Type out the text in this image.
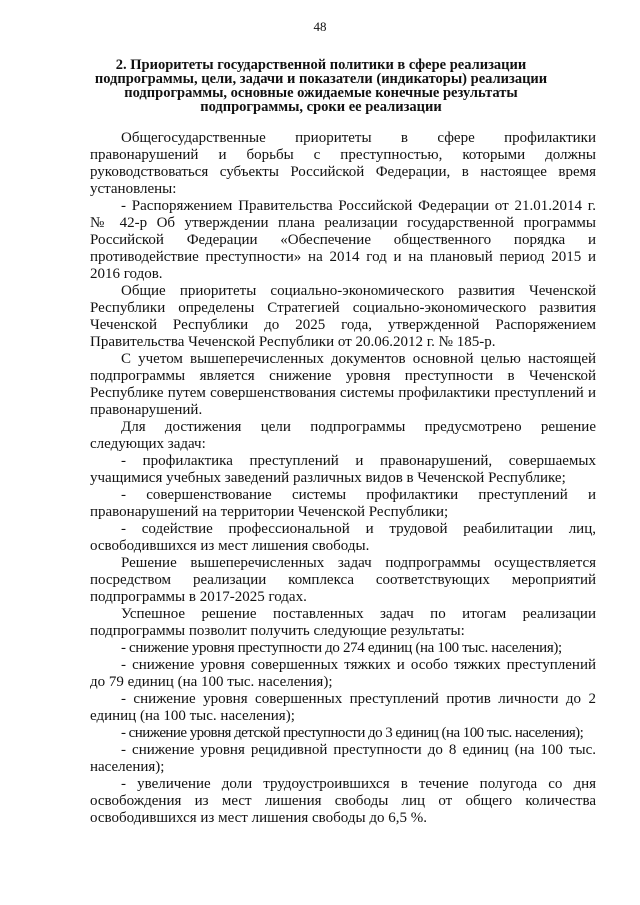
48
2. Приоритеты государственной политики в сфере реализации подпрограммы, цели, задачи и показатели (индикаторы) реализации подпрограммы, основные ожидаемые конечные результаты подпрограммы, сроки ее реализации

Общегосударственные приоритеты в сфере профилактики правонарушений и борьбы с преступностью, которыми должны руководствоваться субъекты Российской Федерации, в настоящее время установлены:

- Распоряжением Правительства Российской Федерации от 21.01.2014 г. № 42-р Об утверждении плана реализации государственной программы Российской Федерации «Обеспечение общественного порядка и противодействие преступности» на 2014 год и на плановый период 2015 и 2016 годов.

Общие приоритеты социально-экономического развития Чеченской Республики определены Стратегией социально-экономического развития Чеченской Республики до 2025 года, утвержденной Распоряжением Правительства Чеченской Республики от 20.06.2012 г. № 185-р.

С учетом вышеперечисленных документов основной целью настоящей подпрограммы является снижение уровня преступности в Чеченской Республике путем совершенствования системы профилактики преступлений и правонарушений.

Для достижения цели подпрограммы предусмотрено решение следующих задач:

- профилактика преступлений и правонарушений, совершаемых учащимися учебных заведений различных видов в Чеченской Республике;

- совершенствование системы профилактики преступлений и правонарушений на территории Чеченской Республики;

- содействие профессиональной и трудовой реабилитации лиц, освободившихся из мест лишения свободы.

Решение вышеперечисленных задач подпрограммы осуществляется посредством реализации комплекса соответствующих мероприятий подпрограммы в 2017-2025 годах.

Успешное решение поставленных задач по итогам реализации подпрограммы позволит получить следующие результаты:

- снижение уровня преступности до 274 единиц (на 100 тыс. населения);

- снижение уровня совершенных тяжких и особо тяжких преступлений до 79 единиц (на 100 тыс. населения);

- снижение уровня совершенных преступлений против личности до 2 единиц (на 100 тыс. населения);

- снижение уровня детской преступности до 3 единиц (на 100 тыс. населения);

- снижение уровня рецидивной преступности до 8 единиц (на 100 тыс. населения);

- увеличение доли трудоустроившихся в течение полугода со дня освобождения из мест лишения свободы лиц от общего количества освободившихся из мест лишения свободы до 6,5 %.
